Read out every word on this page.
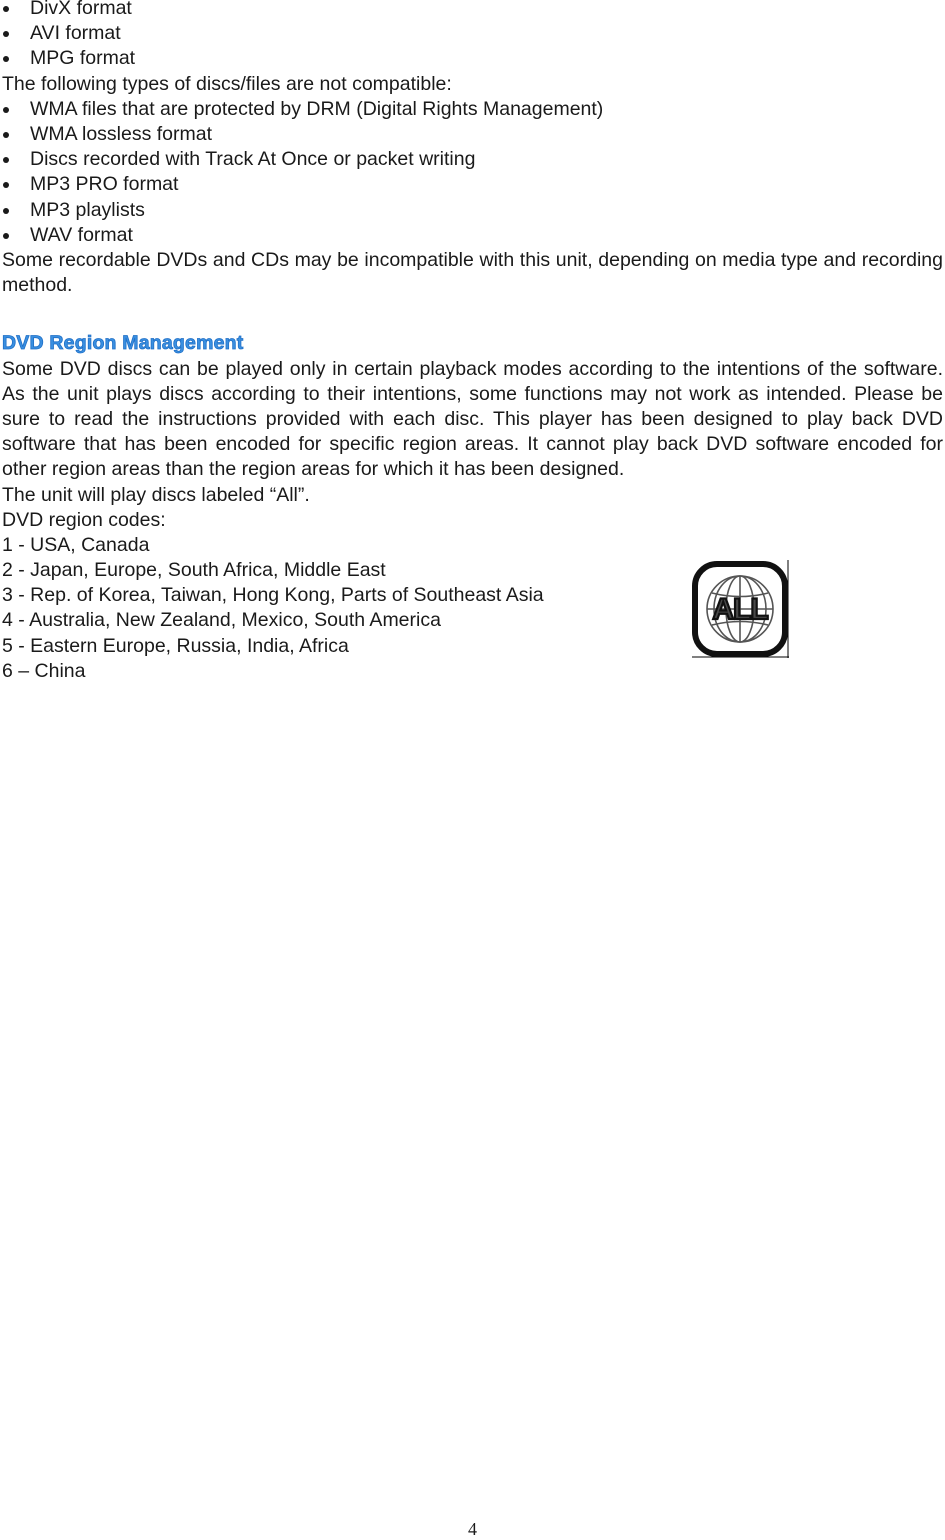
DivX format
AVI format
MPG format

The following types of discs/files are not compatible:

WMA files that are protected by DRM (Digital Rights Management)
WMA lossless format
Discs recorded with Track At Once or packet writing
MP3 PRO format
MP3 playlists
WAV format

Some recordable DVDs and CDs may be incompatible with this unit, depending on media type and recording method.

DVD Region Management

Some DVD discs can be played only in certain playback modes according to the intentions of the software. As the unit plays discs according to their intentions, some functions may not work as intended. Please be sure to read the instructions provided with each disc. This player has been designed to play back DVD software that has been encoded for specific region areas. It cannot play back DVD software encoded for other region areas than the region areas for which it has been designed.

The unit will play discs labeled “All”.

DVD region codes:

1 - USA, Canada
2 - Japan, Europe, South Africa, Middle East
3 - Rep. of Korea, Taiwan, Hong Kong, Parts of Southeast Asia
4 - Australia, New Zealand, Mexico, South America
5 - Eastern Europe, Russia, India, Africa
6 – China
ALL
4
